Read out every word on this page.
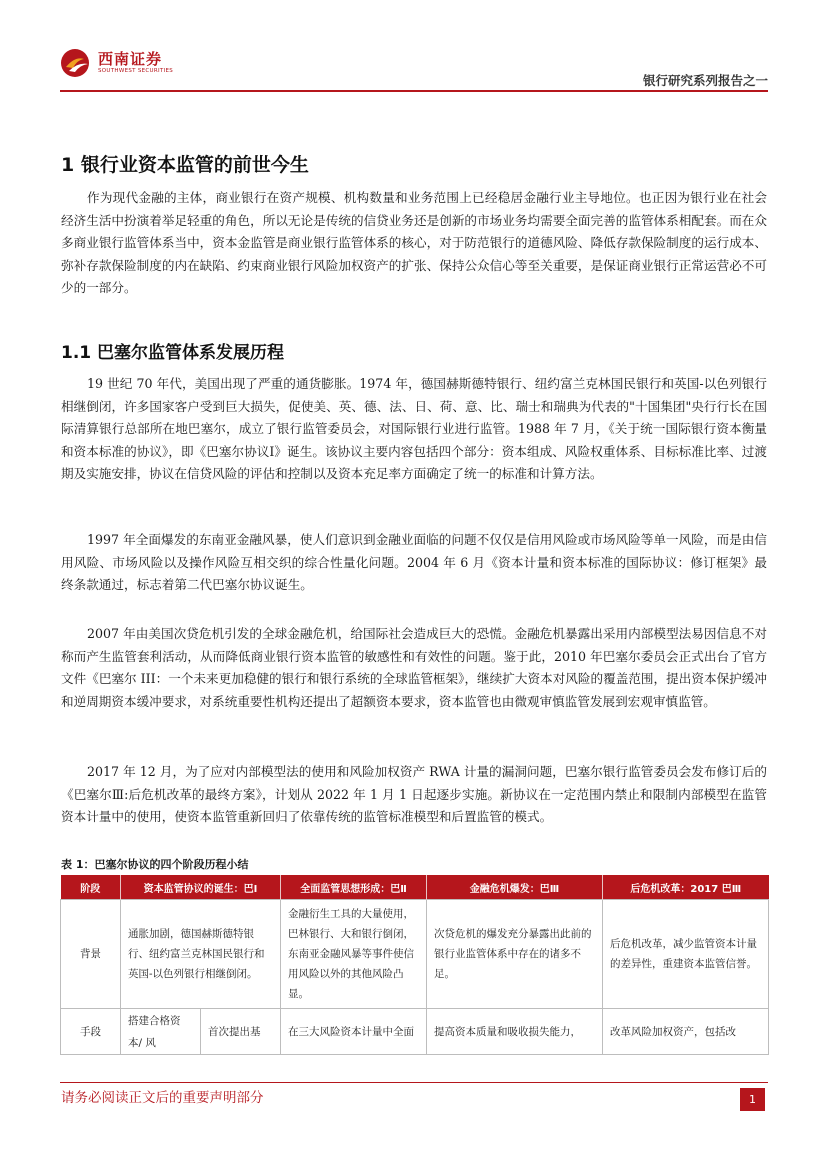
西南证券
SOUTHWEST SECURITIES
银行研究系列报告之一
1 银行业资本监管的前世今生

作为现代金融的主体，商业银行在资产规模、机构数量和业务范围上已经稳居金融行业主导地位。也正因为银行业在社会经济生活中扮演着举足轻重的角色，所以无论是传统的信贷业务还是创新的市场业务均需要全面完善的监管体系相配套。而在众多商业银行监管体系当中，资本金监管是商业银行监管体系的核心，对于防范银行的道德风险、降低存款保险制度的运行成本、弥补存款保险制度的内在缺陷、约束商业银行风险加权资产的扩张、保持公众信心等至关重要，是保证商业银行正常运营必不可少的一部分。

1.1 巴塞尔监管体系发展历程

19 世纪 70 年代，美国出现了严重的通货膨胀。1974 年，德国赫斯德特银行、纽约富兰克林国民银行和英国-以色列银行相继倒闭，许多国家客户受到巨大损失，促使美、英、德、法、日、荷、意、比、瑞士和瑞典为代表的"十国集团"央行行长在国际清算银行总部所在地巴塞尔，成立了银行监管委员会，对国际银行业进行监管。1988 年 7 月，《关于统一国际银行资本衡量和资本标准的协议》，即《巴塞尔协议Ⅰ》诞生。该协议主要内容包括四个部分：资本组成、风险权重体系、目标标准比率、过渡期及实施安排，协议在信贷风险的评估和控制以及资本充足率方面确定了统一的标准和计算方法。

1997 年全面爆发的东南亚金融风暴，使人们意识到金融业面临的问题不仅仅是信用风险或市场风险等单一风险，而是由信用风险、市场风险以及操作风险互相交织的综合性量化问题。2004 年 6 月《资本计量和资本标准的国际协议：修订框架》最终条款通过，标志着第二代巴塞尔协议诞生。

2007 年由美国次贷危机引发的全球金融危机，给国际社会造成巨大的恐慌。金融危机暴露出采用内部模型法易因信息不对称而产生监管套利活动，从而降低商业银行资本监管的敏感性和有效性的问题。鉴于此，2010 年巴塞尔委员会正式出台了官方文件《巴塞尔 III：一个未来更加稳健的银行和银行系统的全球监管框架》，继续扩大资本对风险的覆盖范围，提出资本保护缓冲和逆周期资本缓冲要求，对系统重要性机构还提出了超额资本要求，资本监管也由微观审慎监管发展到宏观审慎监管。

2017 年 12 月，为了应对内部模型法的使用和风险加权资产 RWA 计量的漏洞问题，巴塞尔银行监管委员会发布修订后的《巴塞尔Ⅲ:后危机改革的最终方案》，计划从 2022 年 1 月 1 日起逐步实施。新协议在一定范围内禁止和限制内部模型在监管资本计量中的使用，使资本监管重新回归了依靠传统的监管标准模型和后置监管的模式。

表 1：巴塞尔协议的四个阶段历程小结
阶段	资本监管协议的诞生：巴Ⅰ		全面监管思想形成：巴Ⅱ	金融危机爆发：巴Ⅲ	后危机改革：2017 巴Ⅲ
背景	通胀加剧，德国赫斯德特银行、纽约富兰克林国民银行和英国-以色列银行相继倒闭。		金融衍生工具的大量使用，巴林银行、大和银行倒闭，东南亚金融风暴等事件使信用风险以外的其他风险凸显。	次贷危机的爆发充分暴露出此前的银行业监管体系中存在的诸多不足。	后危机改革，减少监管资本计量的差异性，重建资本监管信誉。
手段	搭建合格资本/ 风	首次提出基	在三大风险资本计量中全面	提高资本质量和吸收损失能力，	改革风险加权资产，包括改
请务必阅读正文后的重要声明部分	1
